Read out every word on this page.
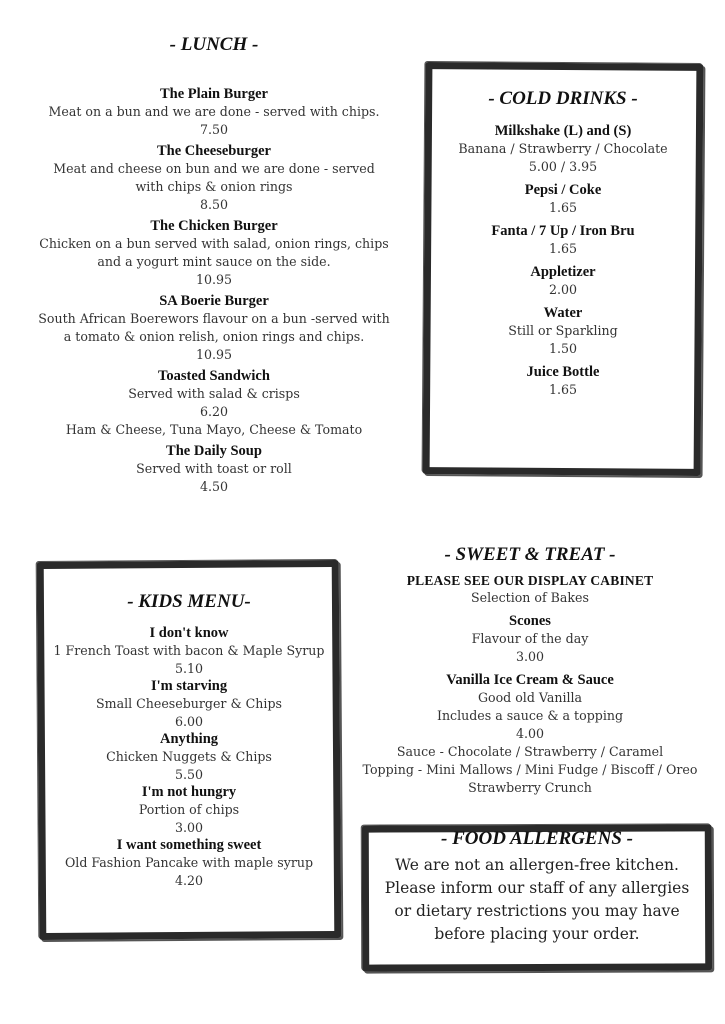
- LUNCH -

The Plain Burger
Meat on a bun and we are done - served with chips.
7.50
The Cheeseburger
Meat and cheese on bun and we are done - served with chips & onion rings
8.50
The Chicken Burger
Chicken on a bun served with salad, onion rings, chips and a yogurt mint sauce on the side.
10.95
SA Boerie Burger
South African Boerewors flavour on a bun -served with a tomato & onion relish, onion rings and chips.
10.95
Toasted Sandwich
Served with salad & crisps
6.20
Ham & Cheese, Tuna Mayo, Cheese & Tomato
The Daily Soup
Served with toast or roll
4.50

- COLD DRINKS -

Milkshake (L) and (S)
Banana / Strawberry / Chocolate
5.00 / 3.95
Pepsi / Coke
1.65
Fanta / 7 Up / Iron Bru
1.65
Appletizer
2.00
Water
Still or Sparkling
1.50
Juice Bottle
1.65

- KIDS MENU-

I don't know
1 French Toast with bacon & Maple Syrup
5.10
I'm starving
Small Cheeseburger & Chips
6.00
Anything
Chicken Nuggets & Chips
5.50
I'm not hungry
Portion of chips
3.00
I want something sweet
Old Fashion Pancake with maple syrup
4.20

- SWEET & TREAT -

PLEASE SEE OUR DISPLAY CABINET
Selection of Bakes
Scones
Flavour of the day
3.00
Vanilla Ice Cream & Sauce
Good old Vanilla
Includes a sauce & a topping
4.00
Sauce - Chocolate / Strawberry / Caramel
Topping - Mini Mallows / Mini Fudge / Biscoff / Oreo
Strawberry Crunch

- FOOD ALLERGENS -

We are not an allergen-free kitchen. Please inform our staff of any allergies or dietary restrictions you may have before placing your order.
